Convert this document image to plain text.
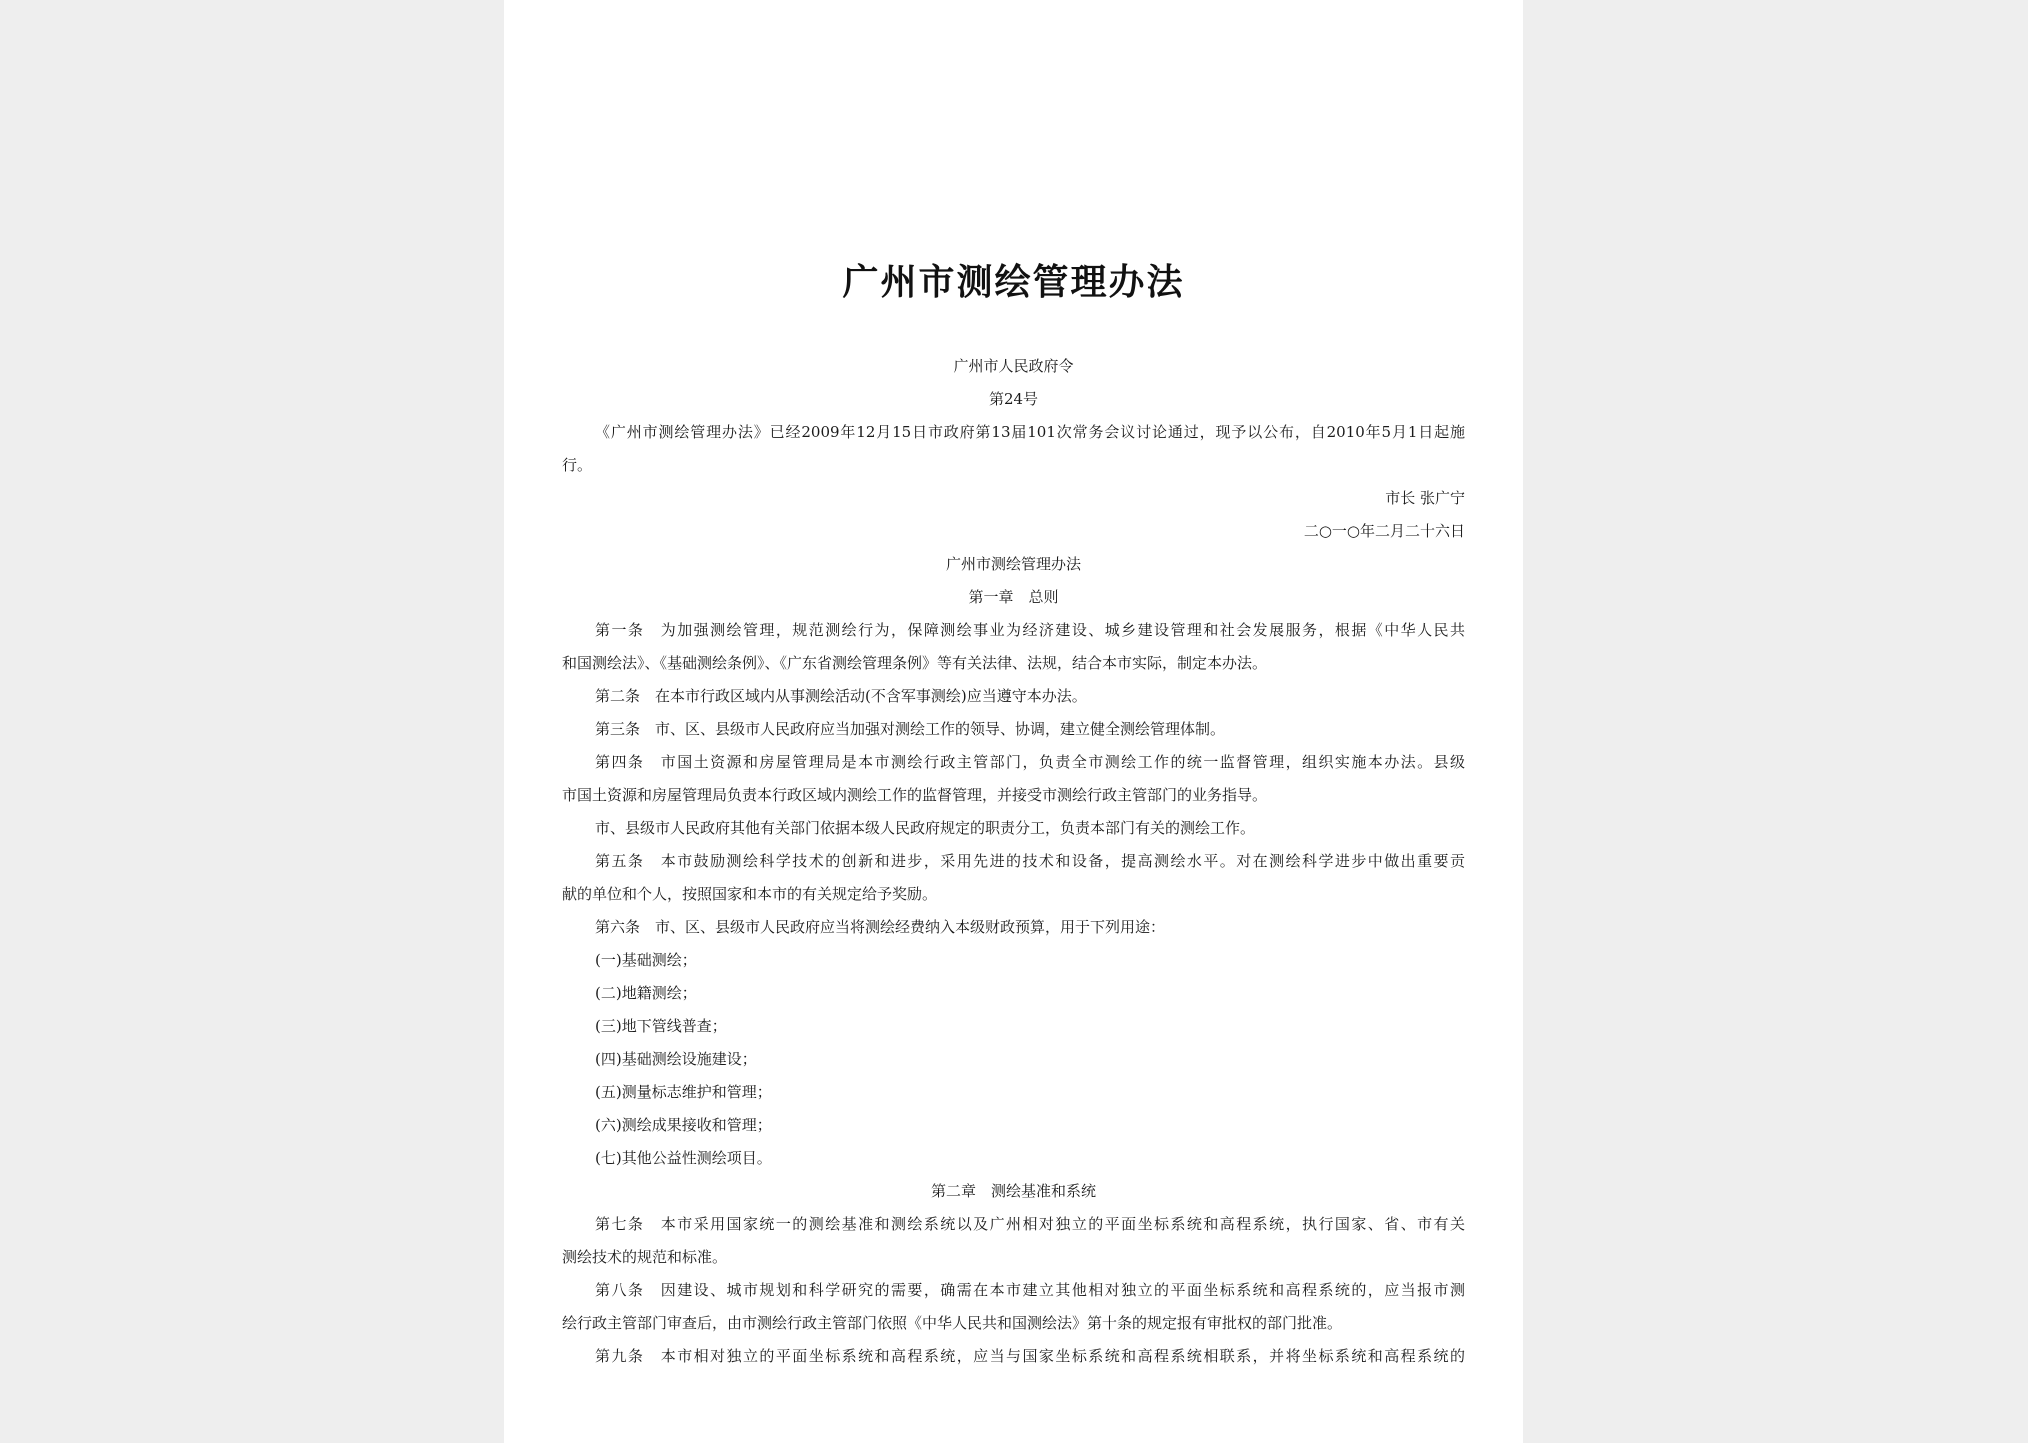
广州市测绘管理办法
广州市人民政府令
第24号
《广州市测绘管理办法》已经2009年12月15日市政府第13届101次常务会议讨论通过，现予以公布，自2010年5月1日起施
行。
市长 张广宁
二○一○年二月二十六日
广州市测绘管理办法
第一章　总则
第一条　为加强测绘管理，规范测绘行为，保障测绘事业为经济建设、城乡建设管理和社会发展服务，根据《中华人民共
和国测绘法》、《基础测绘条例》、《广东省测绘管理条例》等有关法律、法规，结合本市实际，制定本办法。
第二条　在本市行政区域内从事测绘活动(不含军事测绘)应当遵守本办法。
第三条　市、区、县级市人民政府应当加强对测绘工作的领导、协调，建立健全测绘管理体制。
第四条　市国土资源和房屋管理局是本市测绘行政主管部门，负责全市测绘工作的统一监督管理，组织实施本办法。县级
市国土资源和房屋管理局负责本行政区域内测绘工作的监督管理，并接受市测绘行政主管部门的业务指导。
市、县级市人民政府其他有关部门依据本级人民政府规定的职责分工，负责本部门有关的测绘工作。
第五条　本市鼓励测绘科学技术的创新和进步，采用先进的技术和设备，提高测绘水平。对在测绘科学进步中做出重要贡
献的单位和个人，按照国家和本市的有关规定给予奖励。
第六条　市、区、县级市人民政府应当将测绘经费纳入本级财政预算，用于下列用途：
(一)基础测绘；
(二)地籍测绘；
(三)地下管线普查；
(四)基础测绘设施建设；
(五)测量标志维护和管理；
(六)测绘成果接收和管理；
(七)其他公益性测绘项目。
第二章　测绘基准和系统
第七条　本市采用国家统一的测绘基准和测绘系统以及广州相对独立的平面坐标系统和高程系统，执行国家、省、市有关
测绘技术的规范和标准。
第八条　因建设、城市规划和科学研究的需要，确需在本市建立其他相对独立的平面坐标系统和高程系统的，应当报市测
绘行政主管部门审查后，由市测绘行政主管部门依照《中华人民共和国测绘法》第十条的规定报有审批权的部门批准。
第九条　本市相对独立的平面坐标系统和高程系统，应当与国家坐标系统和高程系统相联系，并将坐标系统和高程系统的
